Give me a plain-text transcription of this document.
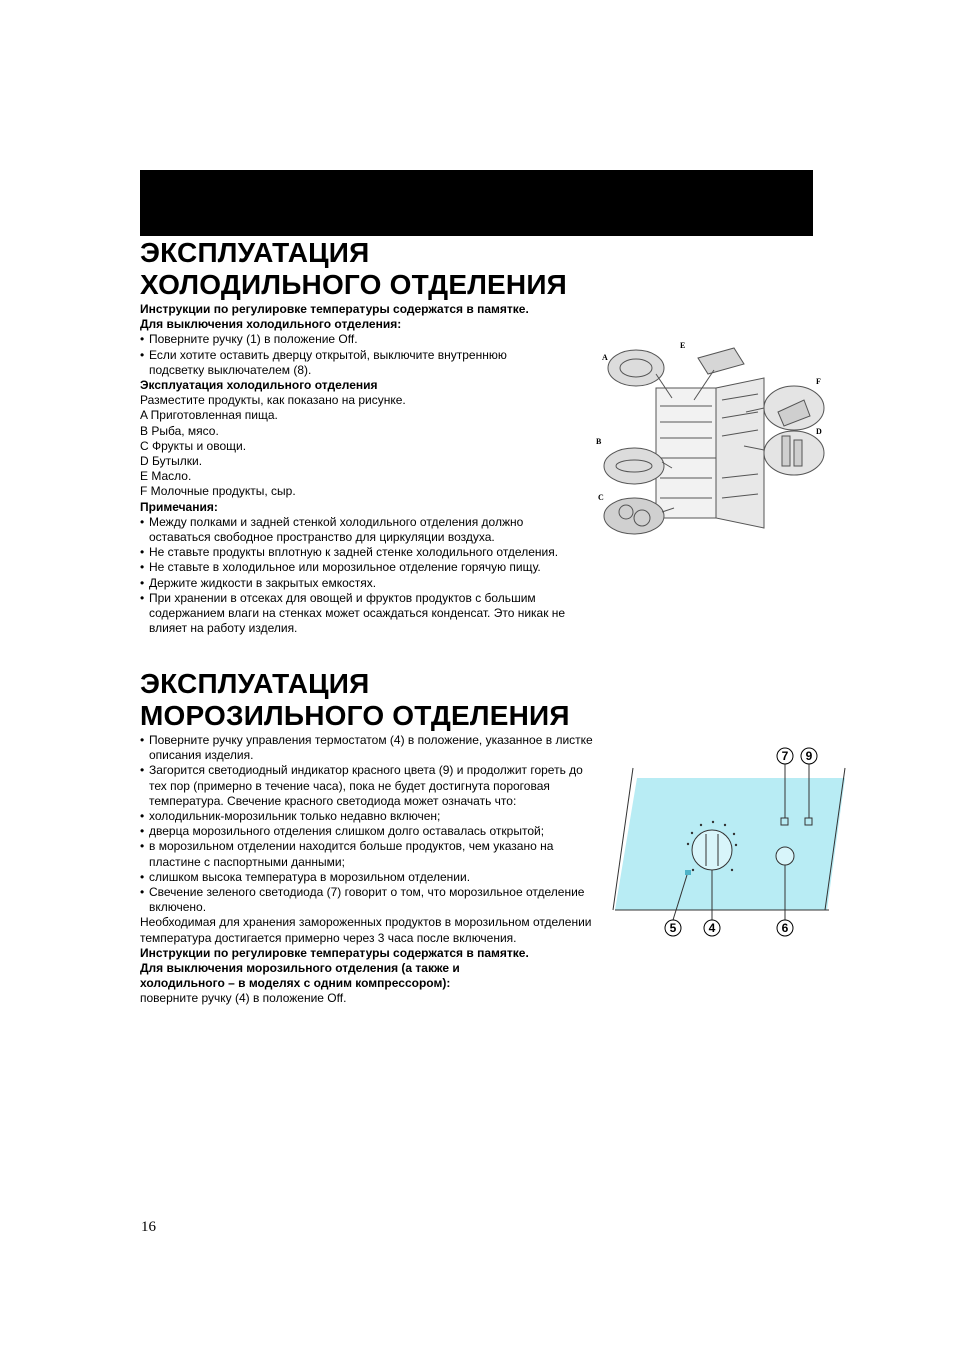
ЭКСПЛУАТАЦИЯ
ХОЛОДИЛЬНОГО ОТДЕЛЕНИЯ

Инструкции по регулировке температуры содержатся в памятке.

Для выключения холодильного отделения:

• Поверните ручку (1) в положение Off.
• Если хотите оставить дверцу открытой, выключите внутреннюю подсветку выключателем (8).

Эксплуатация холодильного отделения

Разместите продукты, как показано на рисунке.

A Приготовленная пища.

B Рыба, мясо.

C Фрукты и овощи.

D Бутылки.

E Масло.

F Молочные продукты, сыр.

Примечания:

• Между полками и задней стенкой холодильного отделения должно оставаться свободное пространство для циркуляции воздуха.
• Не ставьте продукты вплотную к задней стенке холодильного отделения.
• Не ставьте в холодильное или морозильное отделение горячую пищу.
• Держите жидкости в закрытых емкостях.
• При хранении в отсеках для овощей и фруктов продуктов с большим содержанием влаги на стенках может осаждаться конденсат. Это никак не влияет на работу изделия.
ЭКСПЛУАТАЦИЯ
МОРОЗИЛЬНОГО ОТДЕЛЕНИЯ
• Поверните ручку управления термостатом (4) в положение, указанное в листке описания изделия.
• Загорится светодиодный индикатор красного цвета (9) и продолжит гореть до тех пор (примерно в течение часа), пока не будет достигнута пороговая температура. Свечение красного светодиода может означать что:
• холодильник-морозильник только недавно включен;
• дверца морозильного отделения слишком долго оставалась открытой;
• в морозильном отделении находится больше продуктов, чем указано на пластине с паспортными данными;
• слишком высока температура в морозильном отделении.
• Свечение зеленого светодиода (7) говорит о том, что морозильное отделение включено.

Необходимая для хранения замороженных продуктов в морозильном отделении температура достигается примерно через 3 часа после включения.

Инструкции по регулировке температуры содержатся в памятке.

Для выключения морозильного отделения (а также и

холодильного – в моделях с одним компрессором):

поверните ручку (4) в положение Off.

A
E
F
D
B
C
7 9
5	4	6
16
